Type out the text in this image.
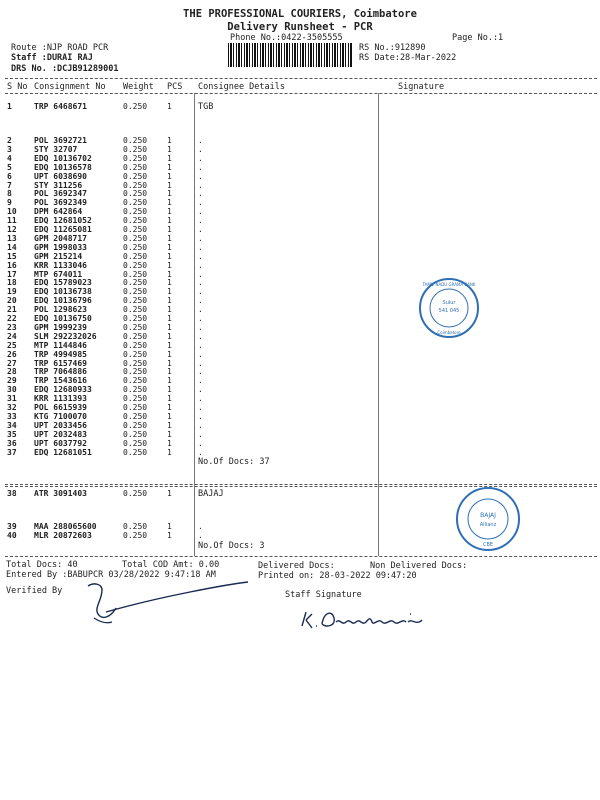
THE PROFESSIONAL COURIERS, Coimbatore
Delivery Runsheet - PCR
Phone No.:0422-3505555	Page No.:1
Route :NJP ROAD PCR
Staff :DURAI RAJ
DRS No. :DCJB91289001
RS No.:912890
RS Date:28-Mar-2022
S No Consignment No Weight PCS Consignee Details	Signature
TGB
1	TRP 6468671	0.250 1
2	POL 3692721	0.250 1	.
3	STY 32707	0.250 1	.
4	EDQ 10136702	0.250 1	.
5	EDQ 10136578	0.250 1	.
6	UPT 6038690	0.250 1	.
7	STY 311256	0.250 1	.
8	POL 3692347	0.250 1	.
9	POL 3692349	0.250 1	.
10 DPM 642864	0.250 1	.
11 EDQ 12681052	0.250 1	.
12 EDQ 11265081	0.250 1	.
13 GPM 2048717	0.250 1	.
14 GPM 1998033	0.250 1	.
15 GPM 215214	0.250 1	.
16 KRR 1133046	0.250 1	.
17 MTP 674011	0.250 1	.
18 EDQ 15789023	0.250 1	.
19 EDQ 10136738	0.250 1	.
20 EDQ 10136796	0.250 1	.
21 POL 1298623	0.250 1	.
22 EDQ 10136750	0.250 1	.
23 GPM 1999239	0.250 1	.
24 SLM 292232026	0.250 1	.
25 MTP 1144846	0.250 1	.
26 TRP 4994985	0.250 1	.
27 TRP 6157469	0.250 1	.
28 TRP 7064886	0.250 1	.
29 TRP 1543616	0.250 1	.
30 EDQ 12680933	0.250 1	.
31 KRR 1131393	0.250 1	.
32 POL 6615939	0.250 1	.
33 KTG 7100070	0.250 1	.
34 UPT 2033456	0.250 1	.
35 UPT 2032483	0.250 1	.
36 UPT 6037792	0.250 1	.
37 EDQ 12681051	0.250 1	.
No.Of Docs: 37
BAJAJ
38 ATR 3091403	0.250 1
39 MAA 288065600	0.250 1	.
40 MLR 20872603	0.250 1	.
No.Of Docs: 3
Total Docs: 40	Total COD Amt: 0.00	Delivered Docs:	Non Delivered Docs:
Entered By :BABUPCR 03/28/2022 9:47:18 AM	Printed on: 28-03-2022 09:47:20
Verified By	Staff Signature
Sulur
541 045
TAMIL NADU GRAMA BANK
Coimbatore
BAJAJ
Allianz
CBE
